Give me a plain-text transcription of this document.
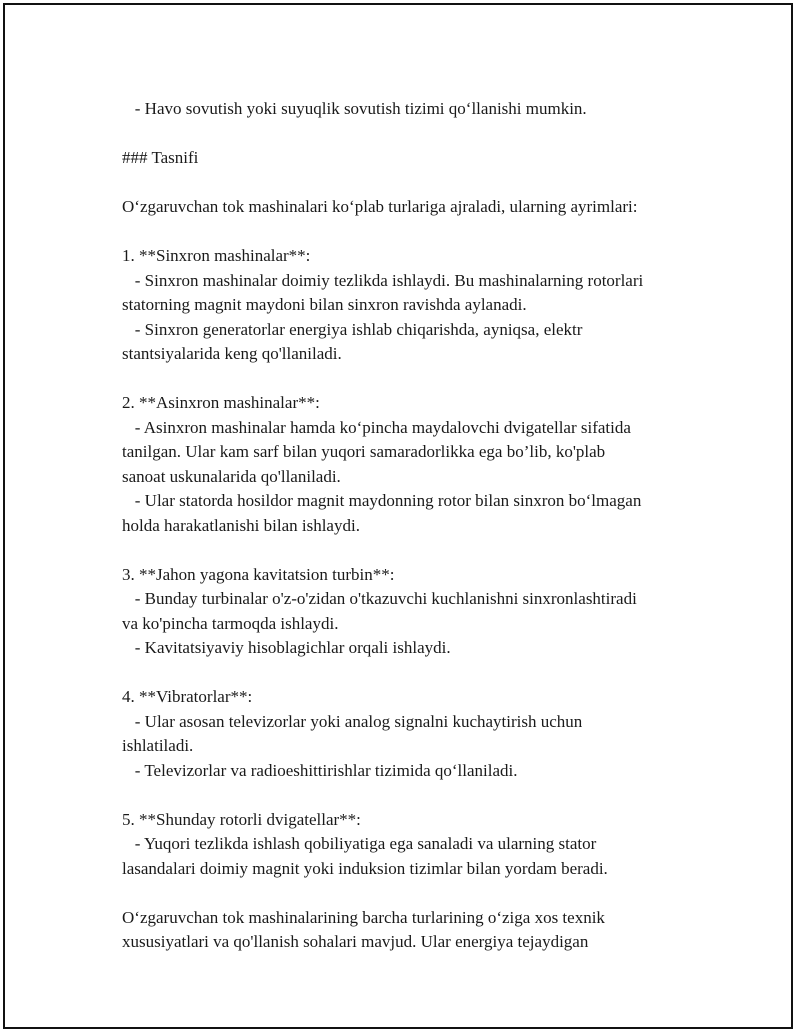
- Havo sovutish yoki suyuqlik sovutish tizimi qo‘llanishi mumkin.
### Tasnifi
O‘zgaruvchan tok mashinalari ko‘plab turlariga ajraladi, ularning ayrimlari:
1. **Sinxron mashinalar**:
- Sinxron mashinalar doimiy tezlikda ishlaydi. Bu mashinalarning rotorlari
statorning magnit maydoni bilan sinxron ravishda aylanadi.
- Sinxron generatorlar energiya ishlab chiqarishda, ayniqsa, elektr
stantsiyalarida keng qo'llaniladi.
2. **Asinxron mashinalar**:
- Asinxron mashinalar hamda ko‘pincha maydalovchi dvigatellar sifatida
tanilgan. Ular kam sarf bilan yuqori samaradorlikka ega bo’lib, ko'plab
sanoat uskunalarida qo'llaniladi.
- Ular statorda hosildor magnit maydonning rotor bilan sinxron bo‘lmagan
holda harakatlanishi bilan ishlaydi.
3. **Jahon yagona kavitatsion turbin**:
- Bunday turbinalar o'z-o'zidan o'tkazuvchi kuchlanishni sinxronlashtiradi
va ko'pincha tarmoqda ishlaydi.
- Kavitatsiyaviy hisoblagichlar orqali ishlaydi.
4. **Vibratorlar**:
- Ular asosan televizorlar yoki analog signalni kuchaytirish uchun
ishlatiladi.
- Televizorlar va radioeshittirishlar tizimida qo‘llaniladi.
5. **Shunday rotorli dvigatellar**:
- Yuqori tezlikda ishlash qobiliyatiga ega sanaladi va ularning stator
lasandalari doimiy magnit yoki induksion tizimlar bilan yordam beradi.
O‘zgaruvchan tok mashinalarining barcha turlarining o‘ziga xos texnik
xususiyatlari va qo'llanish sohalari mavjud. Ular energiya tejaydigan
